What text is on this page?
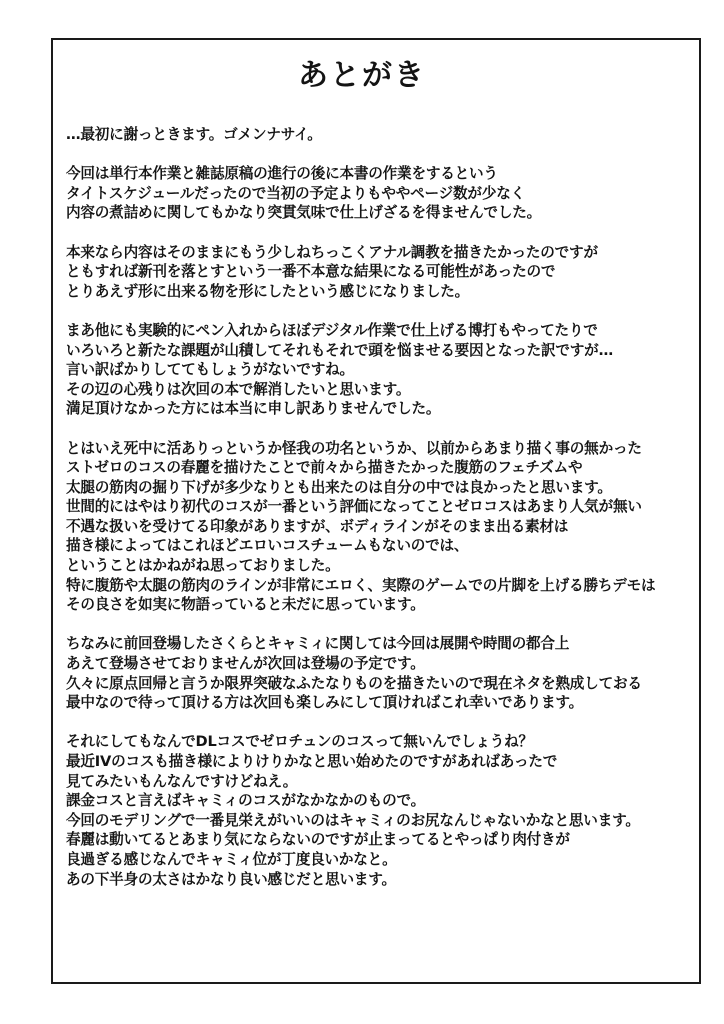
あとがき
…最初に謝っときます。ゴメンナサイ。
今回は単行本作業と雑誌原稿の進行の後に本書の作業をするという
タイトスケジュールだったので当初の予定よりもややページ数が少なく
内容の煮詰めに関してもかなり突貫気味で仕上げざるを得ませんでした。
本来なら内容はそのままにもう少しねちっこくアナル調教を描きたかったのですが
ともすれば新刊を落とすという一番不本意な結果になる可能性があったので
とりあえず形に出来る物を形にしたという感じになりました。
まあ他にも実験的にペン入れからほぼデジタル作業で仕上げる博打もやってたりで
いろいろと新たな課題が山積してそれもそれで頭を悩ませる要因となった訳ですが…
言い訳ばかりしててもしょうがないですね。
その辺の心残りは次回の本で解消したいと思います。
満足頂けなかった方には本当に申し訳ありませんでした。
とはいえ死中に活ありっというか怪我の功名というか、以前からあまり描く事の無かった
ストゼロのコスの春麗を描けたことで前々から描きたかった腹筋のフェチズムや
太腿の筋肉の掘り下げが多少なりとも出来たのは自分の中では良かったと思います。
世間的にはやはり初代のコスが一番という評価になってことゼロコスはあまり人気が無い
不遇な扱いを受けてる印象がありますが、ボディラインがそのまま出る素材は
描き様によってはこれほどエロいコスチュームもないのでは、
ということはかねがね思っておりました。
特に腹筋や太腿の筋肉のラインが非常にエロく、実際のゲームでの片脚を上げる勝ちデモは
その良さを如実に物語っていると未だに思っています。
ちなみに前回登場したさくらとキャミィに関しては今回は展開や時間の都合上
あえて登場させておりませんが次回は登場の予定です。
久々に原点回帰と言うか限界突破なふたなりものを描きたいので現在ネタを熟成しておる
最中なので待って頂ける方は次回も楽しみにして頂ければこれ幸いであります。
それにしてもなんでDLコスでゼロチュンのコスって無いんでしょうね？
最近IVのコスも描き様によりけりかなと思い始めたのですがあればあったで
見てみたいもんなんですけどねえ。
課金コスと言えばキャミィのコスがなかなかのもので。
今回のモデリングで一番見栄えがいいのはキャミィのお尻なんじゃないかなと思います。
春麗は動いてるとあまり気にならないのですが止まってるとやっぱり肉付きが
良過ぎる感じなんでキャミィ位が丁度良いかなと。
あの下半身の太さはかなり良い感じだと思います。
